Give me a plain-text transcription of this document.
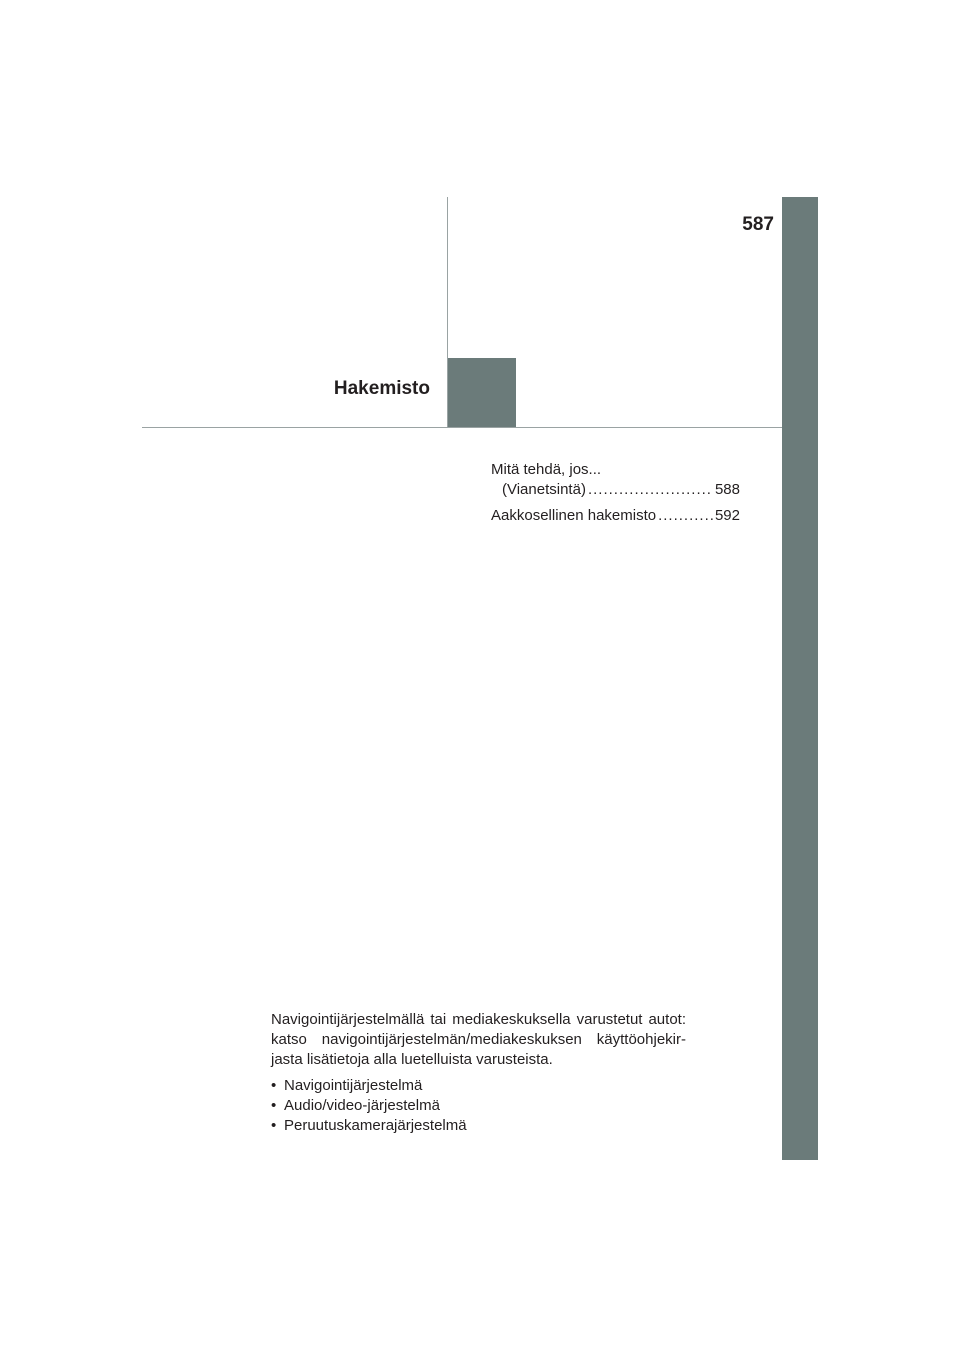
587
Hakemisto
Mitä tehdä, jos...
(Vianetsintä) .....	588
Aakkosellinen hakemisto .....	592

Navigointijärjestelmällä tai mediakeskuksella varustetut autot: katso navigointijärjestelmän/mediakeskuksen käyttöohjekir-jasta lisätietoja alla luetelluista varusteista.

• Navigointijärjestelmä
• Audio/video-järjestelmä
• Peruutuskamerajärjestelmä
